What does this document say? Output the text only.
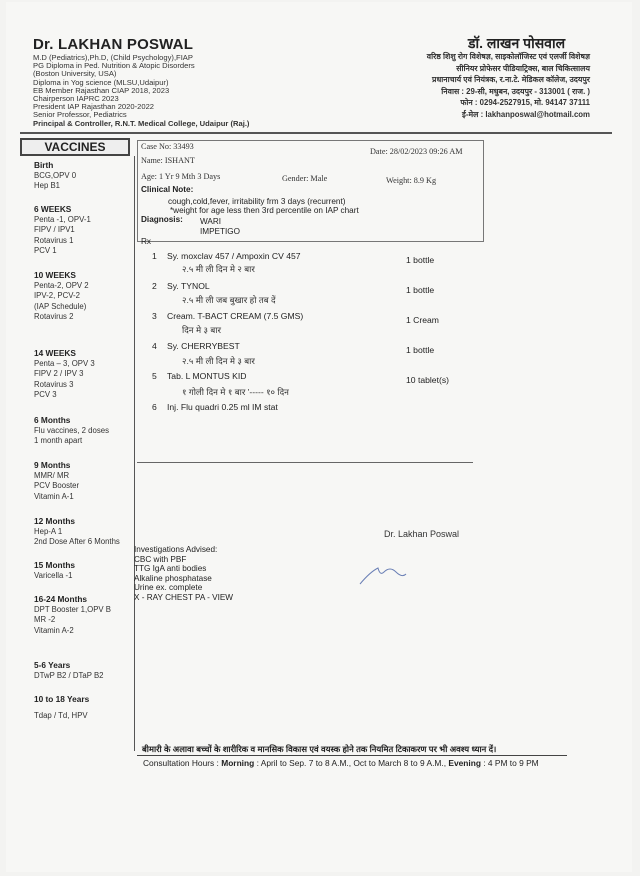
Dr. LAKHAN POSWAL
M.D (Pediatrics),Ph.D, (Child Psychology),FIAP
PG Diploma in Ped. Nutrition & Atopic Disorders
(Boston University, USA)
Diploma in Yog science (MLSU,Udaipur)
EB Member Rajasthan CIAP 2018, 2023
Chairperson IAPRC 2023
President IAP Rajasthan 2020-2022
Senior Professor, Pediatrics
Principal & Controller, R.N.T. Medical College, Udaipur (Raj.)
डॉ. लाखन पोसवाल
वरिष्ठ शिशु रोग विशेषज्ञ, साइकोलॉजिस्ट एवं एलर्जी विशेषज्ञ
सीनियर प्रोफेसर पीडियाट्रिक्स, बाल चिकित्सालय
प्रधानाचार्य एवं नियंत्रक, र.ना.टे. मेडिकल कॉलेज, उदयपुर
निवास : 29-सी, मधुबन, उदयपुर - 313001 ( राज. )
फोन : 0294-2527915, मो. 94147 37111
ई-मेल : lakhanposwal@hotmail.com
VACCINES
Birth
BCG,OPV 0
Hep B1
6 WEEKS
Penta -1, OPV-1
FIPV / IPV1
Rotavirus 1
PCV 1
10 WEEKS
Penta-2, OPV 2
IPV-2, PCV-2
(IAP Schedule)
Rotavirus 2
14 WEEKS
Penta – 3, OPV 3
FIPV 2 / IPV 3
Rotavirus 3
PCV 3
6 Months
Flu vaccines, 2 doses
1 month apart
9 Months
MMR/ MR
PCV Booster
Vitamin A-1
12 Months
Hep-A 1
2nd Dose After 6 Months
15 Months
Varicella -1
16-24 Months
DPT Booster 1,OPV B
MR -2
Vitamin A-2
5-6 Years
DTwP B2 / DTaP B2
10 to 18 Years
Tdap / Td, HPV
Case No: 33493
Date: 28/02/2023 09:26 AM
Name: ISHANT
Age: 1 Yr 9 Mth 3 Days	Gender: Male	Weight: 8.9 Kg
Clinical Note:
cough,cold,fever, irritability frm 3 days (recurrent)
*weight for age less then 3rd percentile on IAP chart
Diagnosis: WARI
IMPETIGO
Rx
1 Sy. moxclav 457 / Ampoxin CV 457
२.५ मी ली दिन मे २ बार
1 bottle
2 Sy. TYNOL
२.५ मी ली जब बुखार हो तब दें
1 bottle
3 Cream. T-BACT CREAM (7.5 GMS)
दिन मे ३ बार
1 Cream
4 Sy. CHERRYBEST
२.५ मी ली दिन मे ३ बार
1 bottle
5 Tab. L MONTUS KID
१ गोली दिन मे १ बार '----- १० दिन
10 tablet(s)
6 Inj. Flu quadri 0.25 ml IM stat
Dr. Lakhan Poswal
Investigations Advised:
CBC with PBF
TTG IgA anti bodies
Alkaline phosphatase
Urine ex. complete
X - RAY CHEST PA - VIEW
बीमारी के अलावा बच्चों के शारीरिक व मानसिक विकास एवं वयस्क होने तक नियमित टिकाकरण पर भी अवश्य ध्यान दें।
Consultation Hours : Morning : April to Sep. 7 to 8 A.M., Oct to March 8 to 9 A.M., Evening : 4 PM to 9 PM
